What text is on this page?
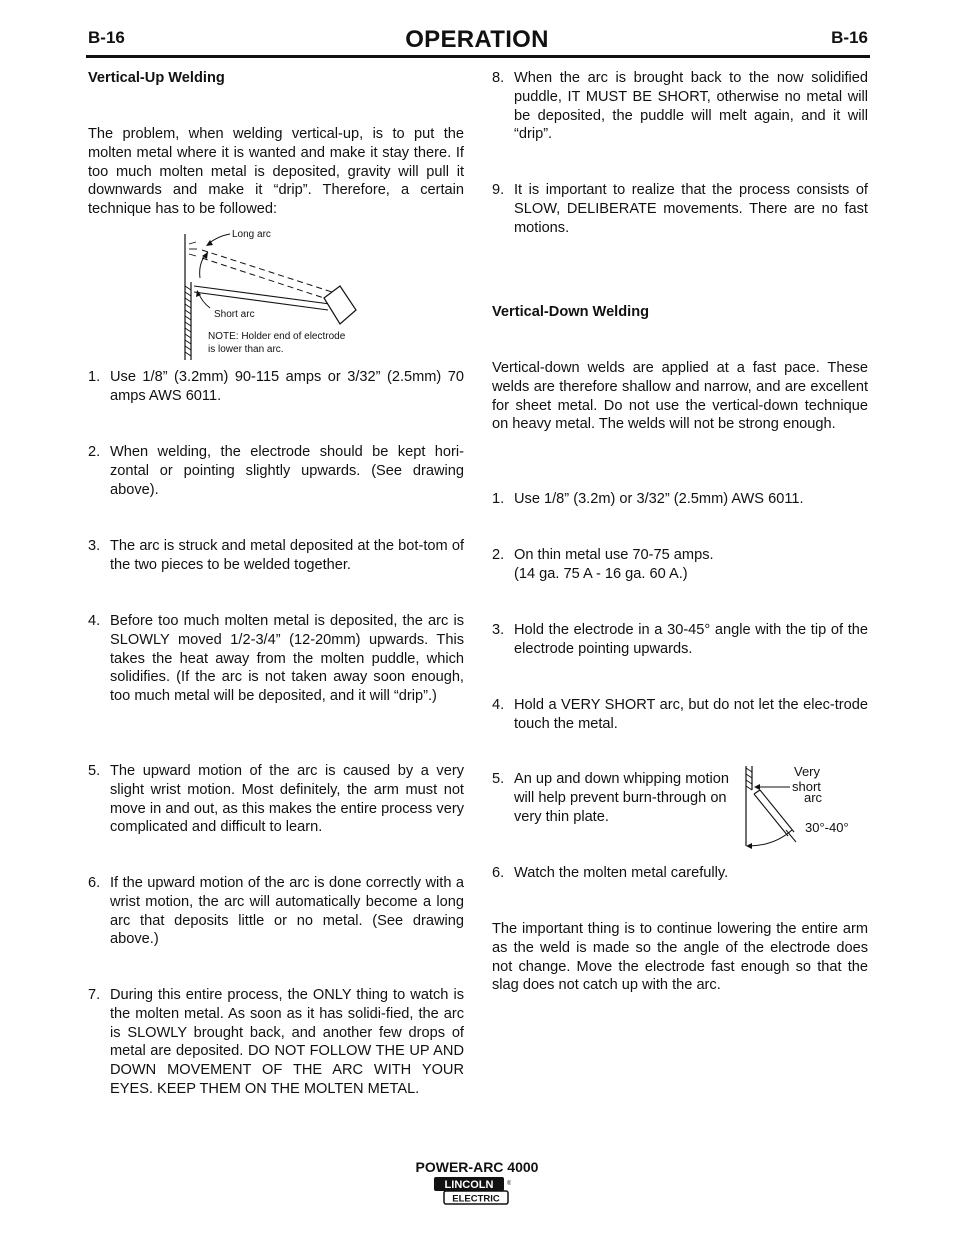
B-16	OPERATION	B-16
Vertical-Up Welding

The problem, when welding vertical-up, is to put the molten metal where it is wanted and make it stay there. If too much molten metal is deposited, gravity will pull it downwards and make it “drip”. Therefore, a certain technique has to be followed:

Long arc
Short arc
NOTE: Holder end of electrode
is lower than arc.
1. Use 1/8” (3.2mm) 90-115 amps or 3/32” (2.5mm) 70 amps AWS 6011.
2. When welding, the electrode should be kept hori-zontal or pointing slightly upwards. (See drawing above).
3. The arc is struck and metal deposited at the bot-tom of the two pieces to be welded together.
4. Before too much molten metal is deposited, the arc is SLOWLY moved 1/2-3/4” (12-20mm) upwards. This takes the heat away from the molten puddle, which solidifies. (If the arc is not taken away soon enough, too much metal will be deposited, and it will “drip”.)
5. The upward motion of the arc is caused by a very slight wrist motion. Most definitely, the arm must not move in and out, as this makes the entire process very complicated and difficult to learn.
6. If the upward motion of the arc is done correctly with a wrist motion, the arc will automatically become a long arc that deposits little or no metal. (See drawing above.)
7. During this entire process, the ONLY thing to watch is the molten metal. As soon as it has solidi-fied, the arc is SLOWLY brought back, and another few drops of metal are deposited. DO NOT FOLLOW THE UP AND DOWN MOVEMENT OF THE ARC WITH YOUR EYES. KEEP THEM ON THE MOLTEN METAL.
8. When the arc is brought back to the now solidified puddle, IT MUST BE SHORT, otherwise no metal will be deposited, the puddle will melt again, and it will “drip”.
9. It is important to realize that the process consists of SLOW, DELIBERATE movements. There are no fast motions.
Vertical-Down Welding

Vertical-down welds are applied at a fast pace. These welds are therefore shallow and narrow, and are excellent for sheet metal. Do not use the vertical-down technique on heavy metal. The welds will not be strong enough.

1. Use 1/8” (3.2m) or 3/32” (2.5mm) AWS 6011.
2. On thin metal use 70-75 amps.
(14 ga. 75 A - 16 ga. 60 A.)
3. Hold the electrode in a 30-45° angle with the tip of the electrode pointing upwards.
4. Hold a VERY SHORT arc, but do not let the elec-trode touch the metal.
5. An up and down whipping motion will help prevent burn-through on very thin plate.
Very
short
arc
30°-40°
6. Watch the molten metal carefully.

The important thing is to continue lowering the entire arm as the weld is made so the angle of the electrode does not change. Move the electrode fast enough so that the slag does not catch up with the arc.

POWER-ARC 4000
LINCOLN
ELECTRIC
®
